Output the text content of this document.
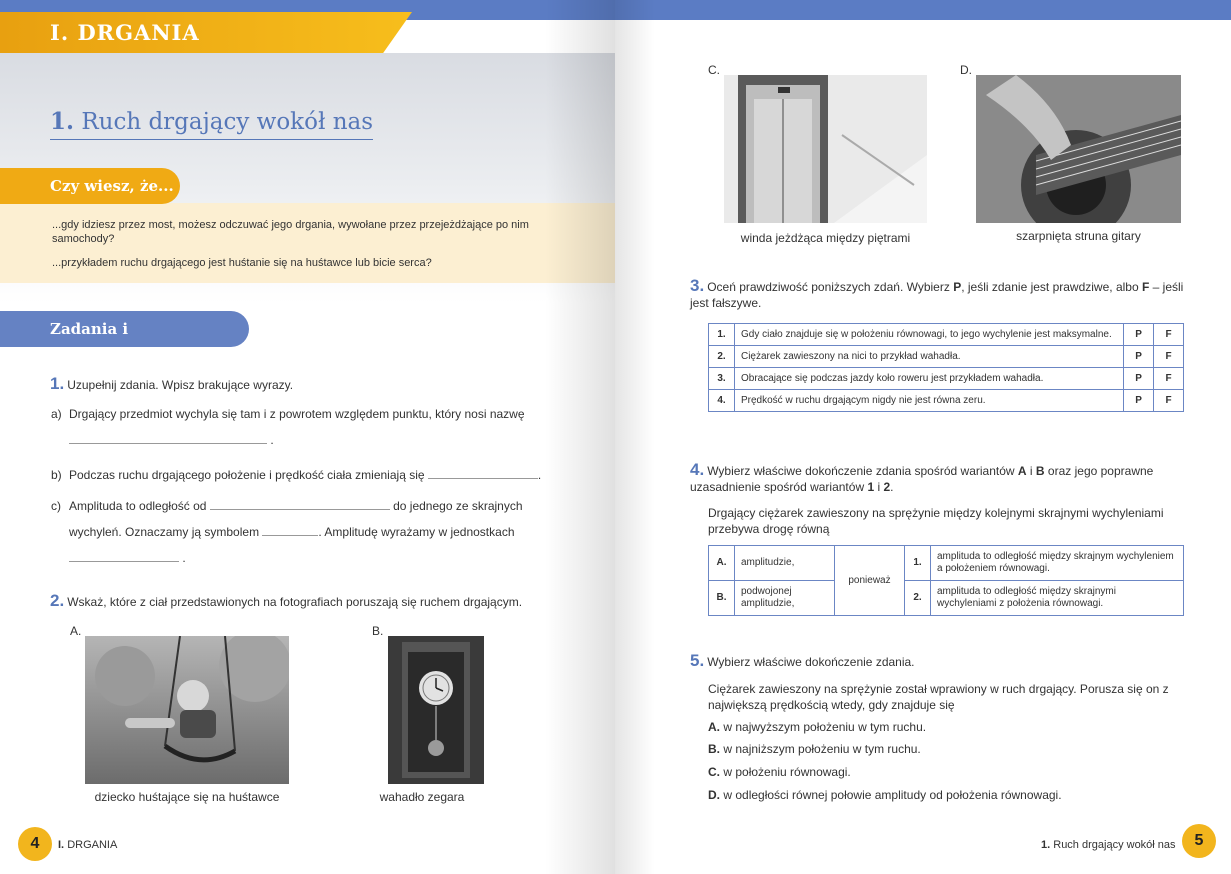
I. DRGANIA
1. Ruch drgający wokół nas
Czy wiesz, że...
...gdy idziesz przez most, możesz odczuwać jego drgania, wywołane przez przejeżdżające po nim samochody?
...przykładem ruchu drgającego jest huśtanie się na huśtawce lub bicie serca?
Zadania i doświadczenia
1. Uzupełnij zdania. Wpisz brakujące wyrazy.
a) Drgający przedmiot wychyla się tam i z powrotem względem punktu, który nosi nazwę
.
b) Podczas ruchu drgającego położenie i prędkość ciała zmieniają się	.
c) Amplituda to odległość od	do jednego ze skrajnych
wychyleń. Oznaczamy ją symbolem	. Amplitudę wyrażamy w jednostkach
.
2. Wskaż, które z ciał przedstawionych na fotografiach poruszają się ruchem drgającym.
A.
dziecko huśtające się na huśtawce
B.
wahadło zegara
4	I. DRGANIA
C.
winda jeżdżąca między piętrami
D.
szarpnięta struna gitary
3. Oceń prawdziwość poniższych zdań. Wybierz P, jeśli zdanie jest prawdziwe, albo F – jeśli jest fałszywe.
1.	Gdy ciało znajduje się w położeniu równowagi, to jego wychylenie jest maksymalne.	P	F
2.	Ciężarek zawieszony na nici to przykład wahadła.	P	F
3.	Obracające się podczas jazdy koło roweru jest przykładem wahadła.	P	F
4.	Prędkość w ruchu drgającym nigdy nie jest równa zeru.	P	F
4. Wybierz właściwe dokończenie zdania spośród wariantów A i B oraz jego poprawne uzasadnienie spośród wariantów 1 i 2.
Drgający ciężarek zawieszony na sprężynie między kolejnymi skrajnymi wychyleniami przebywa drogę równą
A.	amplitudzie,	ponieważ	1.	amplituda to odległość między skrajnym wychyleniem a położeniem równowagi.
B.	podwojonej amplitudzie,		2.	amplituda to odległość między skrajnymi wychyleniami z położenia równowagi.
5. Wybierz właściwe dokończenie zdania.
Ciężarek zawieszony na sprężynie został wprawiony w ruch drgający. Porusza się on z największą prędkością wtedy, gdy znajduje się
A. w najwyższym położeniu w tym ruchu.
B. w najniższym położeniu w tym ruchu.
C. w położeniu równowagi.
D. w odległości równej połowie amplitudy od położenia równowagi.
1. Ruch drgający wokół nas	5
